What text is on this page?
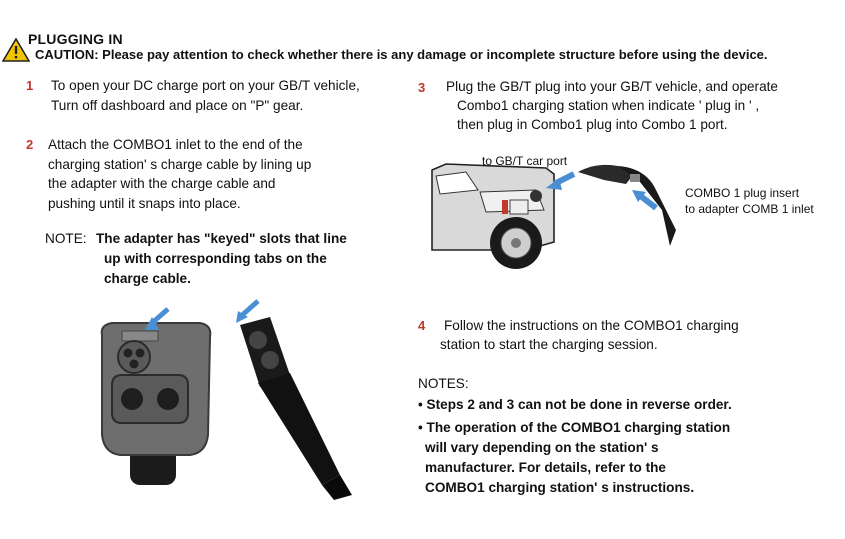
PLUGGING IN
CAUTION: Please pay attention to check whether there is any damage or incomplete structure before using the device.
1 To open your DC charge port on your GB/T vehicle,
Turn off dashboard and place on "P" gear.
2 Attach the COMBO1 inlet to the end of the
charging station' s charge cable by lining up
the adapter with the charge cable and
pushing until it snaps into place.
NOTE: The adapter has "keyed" slots that line
up with corresponding tabs on the
charge cable.
3 Plug the GB/T plug into your GB/T vehicle, and operate
Combo1 charging station when indicate ' plug in ' ,
then plug in Combo1 plug into Combo 1 port.
to GB/T car port
COMBO 1 plug insert
to adapter COMB 1 inlet
4 Follow the instructions on the COMBO1 charging
station to start the charging session.
NOTES:
• Steps 2 and 3 can not be done in reverse order.
• The operation of the COMBO1 charging station
will vary depending on the station' s
manufacturer. For details, refer to the
COMBO1 charging station' s instructions.
